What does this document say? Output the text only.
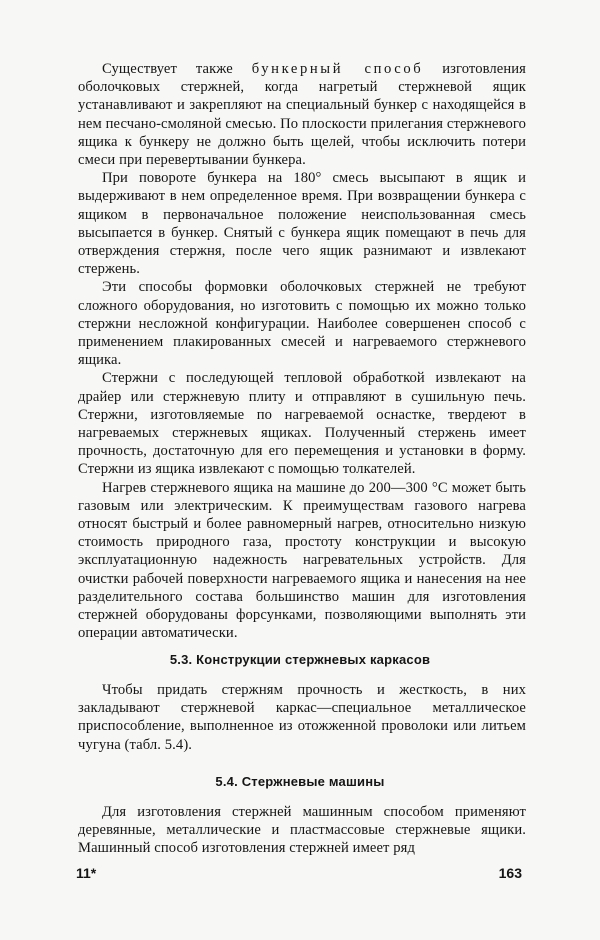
Существует также бункерный способ изготовления оболочковых стержней, когда нагретый стержневой ящик устанавливают и закрепляют на специальный бункер с находящейся в нем песчано-смоляной смесью. По плоскости прилегания стержневого ящика к бункеру не должно быть щелей, чтобы исключить потери смеси при перевертывании бункера.

При повороте бункера на 180° смесь высыпают в ящик и выдерживают в нем определенное время. При возвращении бункера с ящиком в первоначальное положение неиспользованная смесь высыпается в бункер. Снятый с бункера ящик помещают в печь для отверждения стержня, после чего ящик разнимают и извлекают стержень.

Эти способы формовки оболочковых стержней не требуют сложного оборудования, но изготовить с помощью их можно только стержни несложной конфигурации. Наиболее совершенен способ с применением плакированных смесей и нагреваемого стержневого ящика.

Стержни с последующей тепловой обработкой извлекают на драйер или стержневую плиту и отправляют в сушильную печь. Стержни, изготовляемые по нагреваемой оснастке, твердеют в нагреваемых стержневых ящиках. Полученный стержень имеет прочность, достаточную для его перемещения и установки в форму. Стержни из ящика извлекают с помощью толкателей.

Нагрев стержневого ящика на машине до 200—300 °С может быть газовым или электрическим. К преимуществам газового нагрева относят быстрый и более равномерный нагрев, относительно низкую стоимость природного газа, простоту конструкции и высокую эксплуатационную надежность нагревательных устройств. Для очистки рабочей поверхности нагреваемого ящика и нанесения на нее разделительного состава большинство машин для изготовления стержней оборудованы форсунками, позволяющими выполнять эти операции автоматически.

5.3. Конструкции стержневых каркасов

Чтобы придать стержням прочность и жесткость, в них закладывают стержневой каркас—специальное металлическое приспособление, выполненное из отожженной проволоки или литьем чугуна (табл. 5.4).

5.4. Стержневые машины

Для изготовления стержней машинным способом применяют деревянные, металлические и пластмассовые стержневые ящики. Машинный способ изготовления стержней имеет ряд

11*	163
